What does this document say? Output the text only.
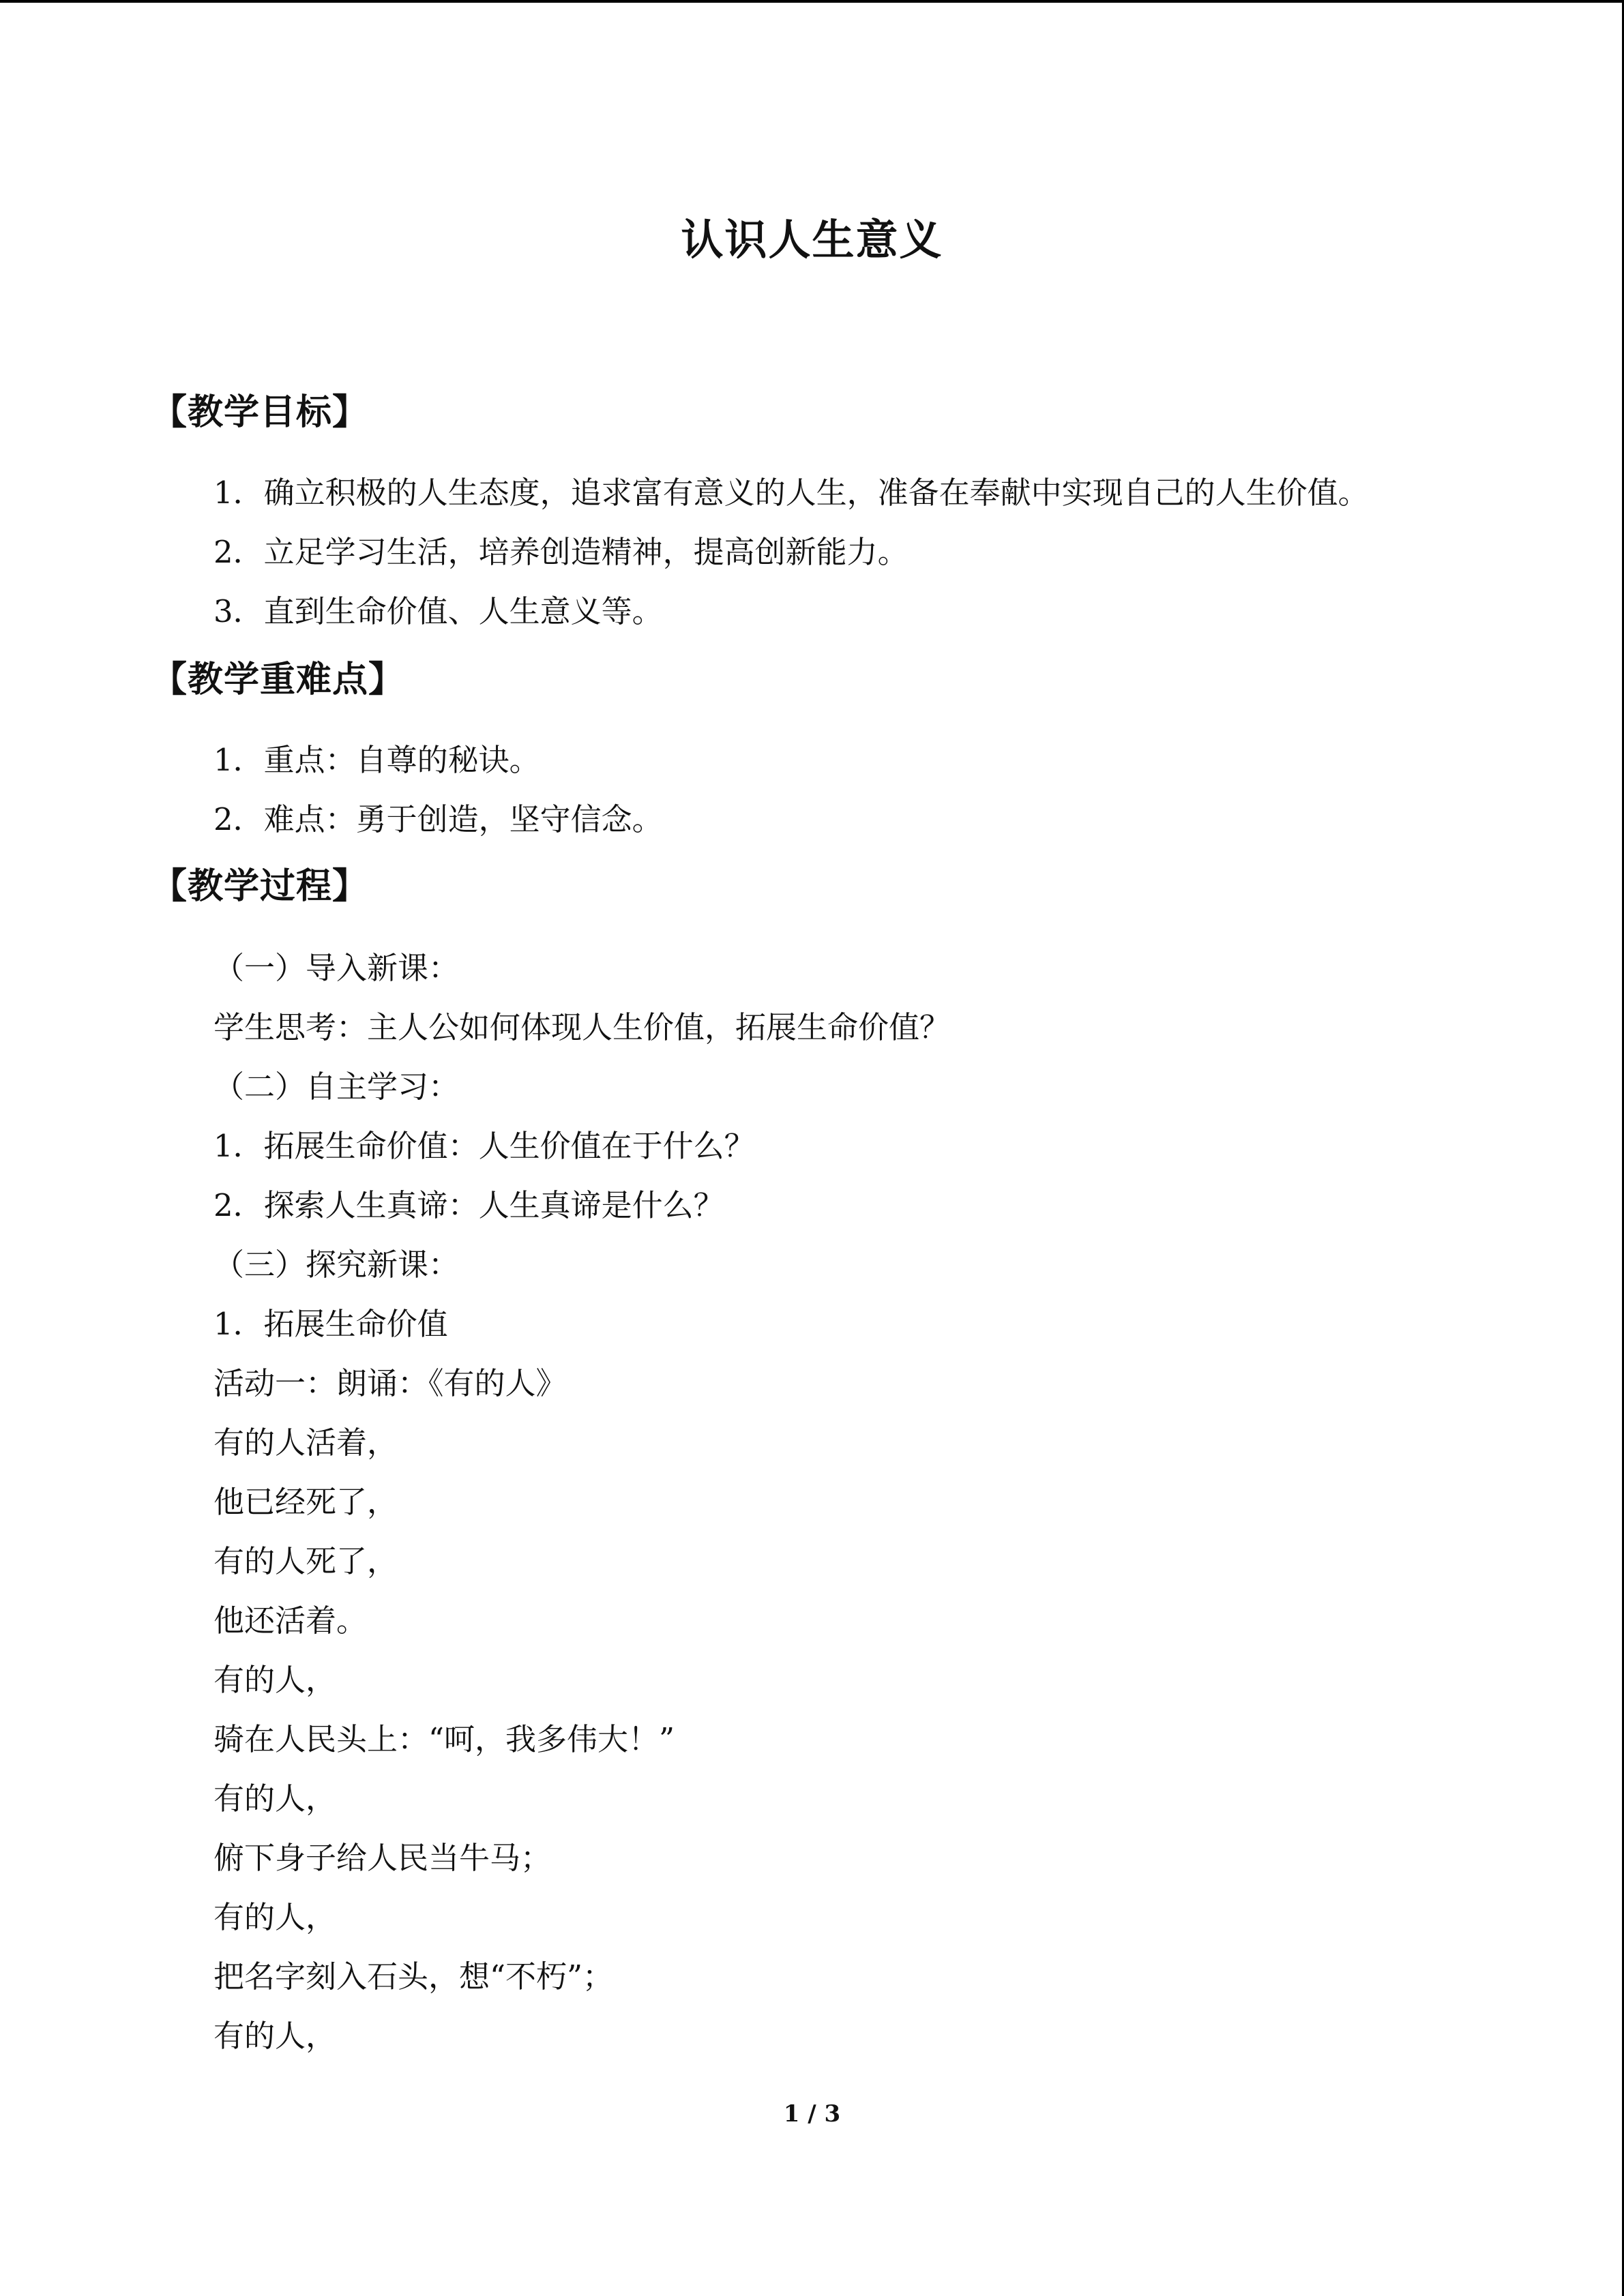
认识人生意义
【教学目标】
1．确立积极的人生态度，追求富有意义的人生，准备在奉献中实现自己的人生价值。
2．立足学习生活，培养创造精神，提高创新能力。
3．直到生命价值、人生意义等。
【教学重难点】
1．重点：自尊的秘诀。
2．难点：勇于创造，坚守信念。
【教学过程】
（一）导入新课：
学生思考：主人公如何体现人生价值，拓展生命价值？
（二）自主学习：
1．拓展生命价值：人生价值在于什么？
2．探索人生真谛：人生真谛是什么？
（三）探究新课：
1．拓展生命价值
活动一：朗诵：《有的人》
有的人活着，
他已经死了，
有的人死了，
他还活着。
有的人，
骑在人民头上：“呵，我多伟大！”
有的人，
俯下身子给人民当牛马；
有的人，
把名字刻入石头，想“不朽”；
有的人，
1 / 3
